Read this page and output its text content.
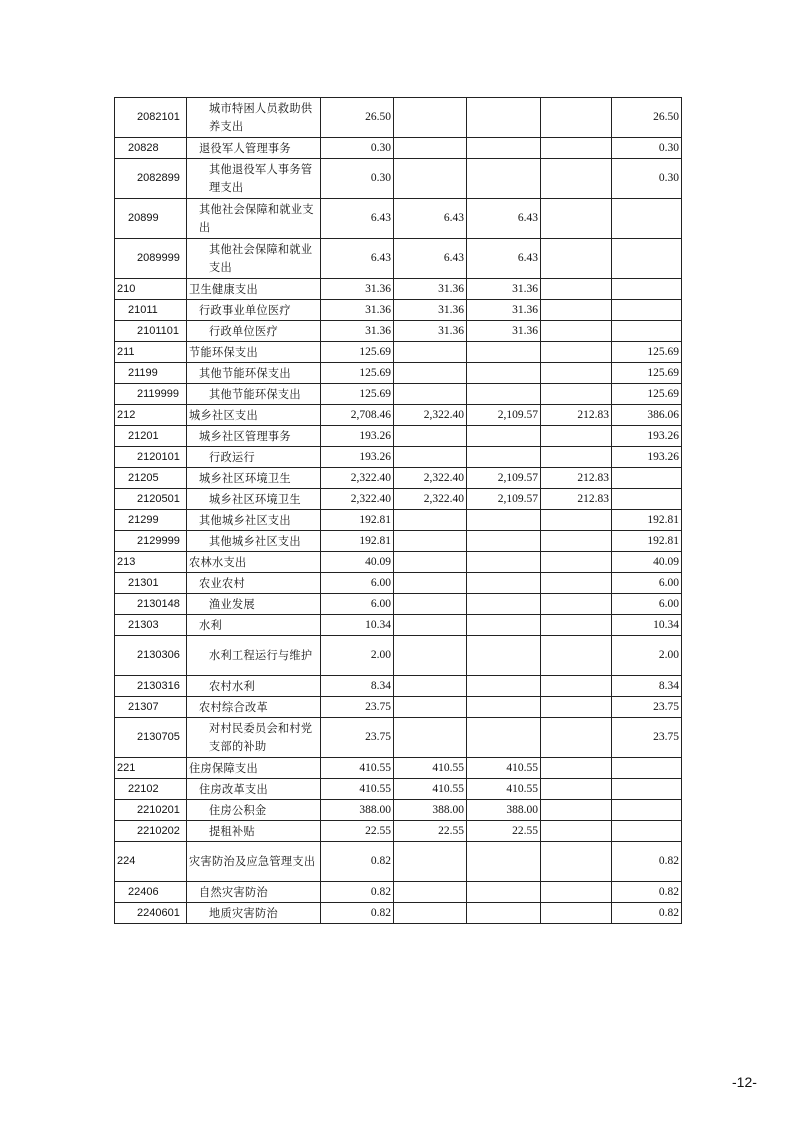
2082101	城市特困人员救助供养支出	26.50				26.50
20828	退役军人管理事务	0.30				0.30
2082899	其他退役军人事务管理支出	0.30				0.30
20899	其他社会保障和就业支出	6.43	6.43	6.43		
2089999	其他社会保障和就业支出	6.43	6.43	6.43		
210	卫生健康支出	31.36	31.36	31.36		
21011	行政事业单位医疗	31.36	31.36	31.36		
2101101	行政单位医疗	31.36	31.36	31.36		
211	节能环保支出	125.69				125.69
21199	其他节能环保支出	125.69				125.69
2119999	其他节能环保支出	125.69				125.69
212	城乡社区支出	2,708.46	2,322.40	2,109.57	212.83	386.06
21201	城乡社区管理事务	193.26				193.26
2120101	行政运行	193.26				193.26
21205	城乡社区环境卫生	2,322.40	2,322.40	2,109.57	212.83	
2120501	城乡社区环境卫生	2,322.40	2,322.40	2,109.57	212.83	
21299	其他城乡社区支出	192.81				192.81
2129999	其他城乡社区支出	192.81				192.81
213	农林水支出	40.09				40.09
21301	农业农村	6.00				6.00
2130148	渔业发展	6.00				6.00
21303	水利	10.34				10.34
2130306	水利工程运行与维护	2.00				2.00
2130316	农村水利	8.34				8.34
21307	农村综合改革	23.75				23.75
2130705	对村民委员会和村党支部的补助	23.75				23.75
221	住房保障支出	410.55	410.55	410.55		
22102	住房改革支出	410.55	410.55	410.55		
2210201	住房公积金	388.00	388.00	388.00		
2210202	提租补贴	22.55	22.55	22.55		
224	灾害防治及应急管理支出	0.82				0.82
22406	自然灾害防治	0.82				0.82
2240601	地质灾害防治	0.82				0.82
-12-
